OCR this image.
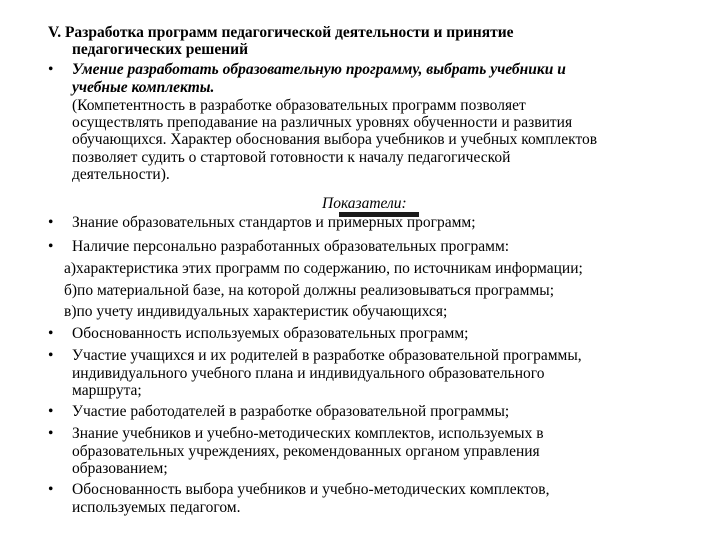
V. Разработка программ педагогической деятельности и принятие
педагогических решений
•	Умение разработать образовательную программу, выбрать учебники и
учебные комплекты.
(Компетентность в разработке образовательных программ позволяет
осуществлять преподавание на различных уровнях обученности и развития
обучающихся. Характер обоснования выбора учебников и учебных комплектов
позволяет судить о стартовой готовности к началу педагогической
деятельности).
Показатели:
•	Знание образовательных стандартов и примерных программ;
•	Наличие персонально разработанных образовательных программ:
а)характеристика этих программ по содержанию, по источникам информации;
б)по материальной базе, на которой должны реализовываться программы;
в)по учету индивидуальных характеристик обучающихся;
•	Обоснованность используемых образовательных программ;
•	Участие учащихся и их родителей в разработке образовательной программы,
индивидуального учебного плана и индивидуального образовательного
маршрута;
•	Участие работодателей в разработке образовательной программы;
•	Знание учебников и учебно-методических комплектов, используемых в
образовательных учреждениях, рекомендованных органом управления
образованием;
•	Обоснованность выбора учебников и учебно-методических комплектов,
используемых педагогом.
